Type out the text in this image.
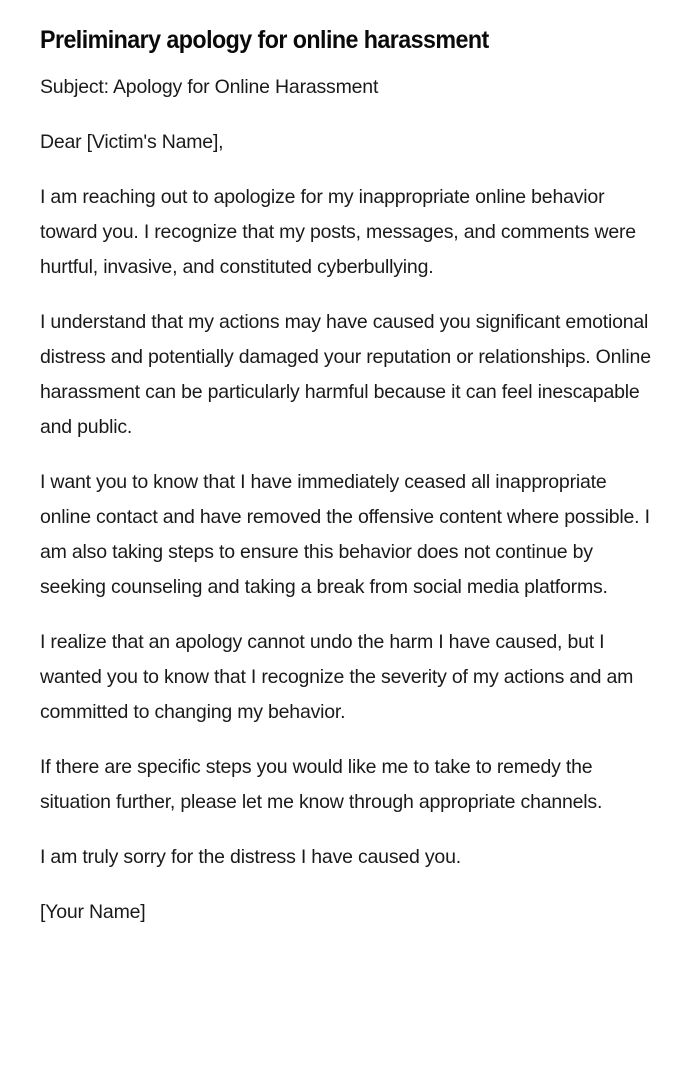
Preliminary apology for online harassment

Subject: Apology for Online Harassment

Dear [Victim's Name],

I am reaching out to apologize for my inappropriate online behavior toward you. I recognize that my posts, messages, and comments were hurtful, invasive, and constituted cyberbullying.

I understand that my actions may have caused you significant emotional distress and potentially damaged your reputation or relationships. Online harassment can be particularly harmful because it can feel inescapable and public.

I want you to know that I have immediately ceased all inappropriate online contact and have removed the offensive content where possible. I am also taking steps to ensure this behavior does not continue by seeking counseling and taking a break from social media platforms.

I realize that an apology cannot undo the harm I have caused, but I wanted you to know that I recognize the severity of my actions and am committed to changing my behavior.

If there are specific steps you would like me to take to remedy the situation further, please let me know through appropriate channels.

I am truly sorry for the distress I have caused you.

[Your Name]
